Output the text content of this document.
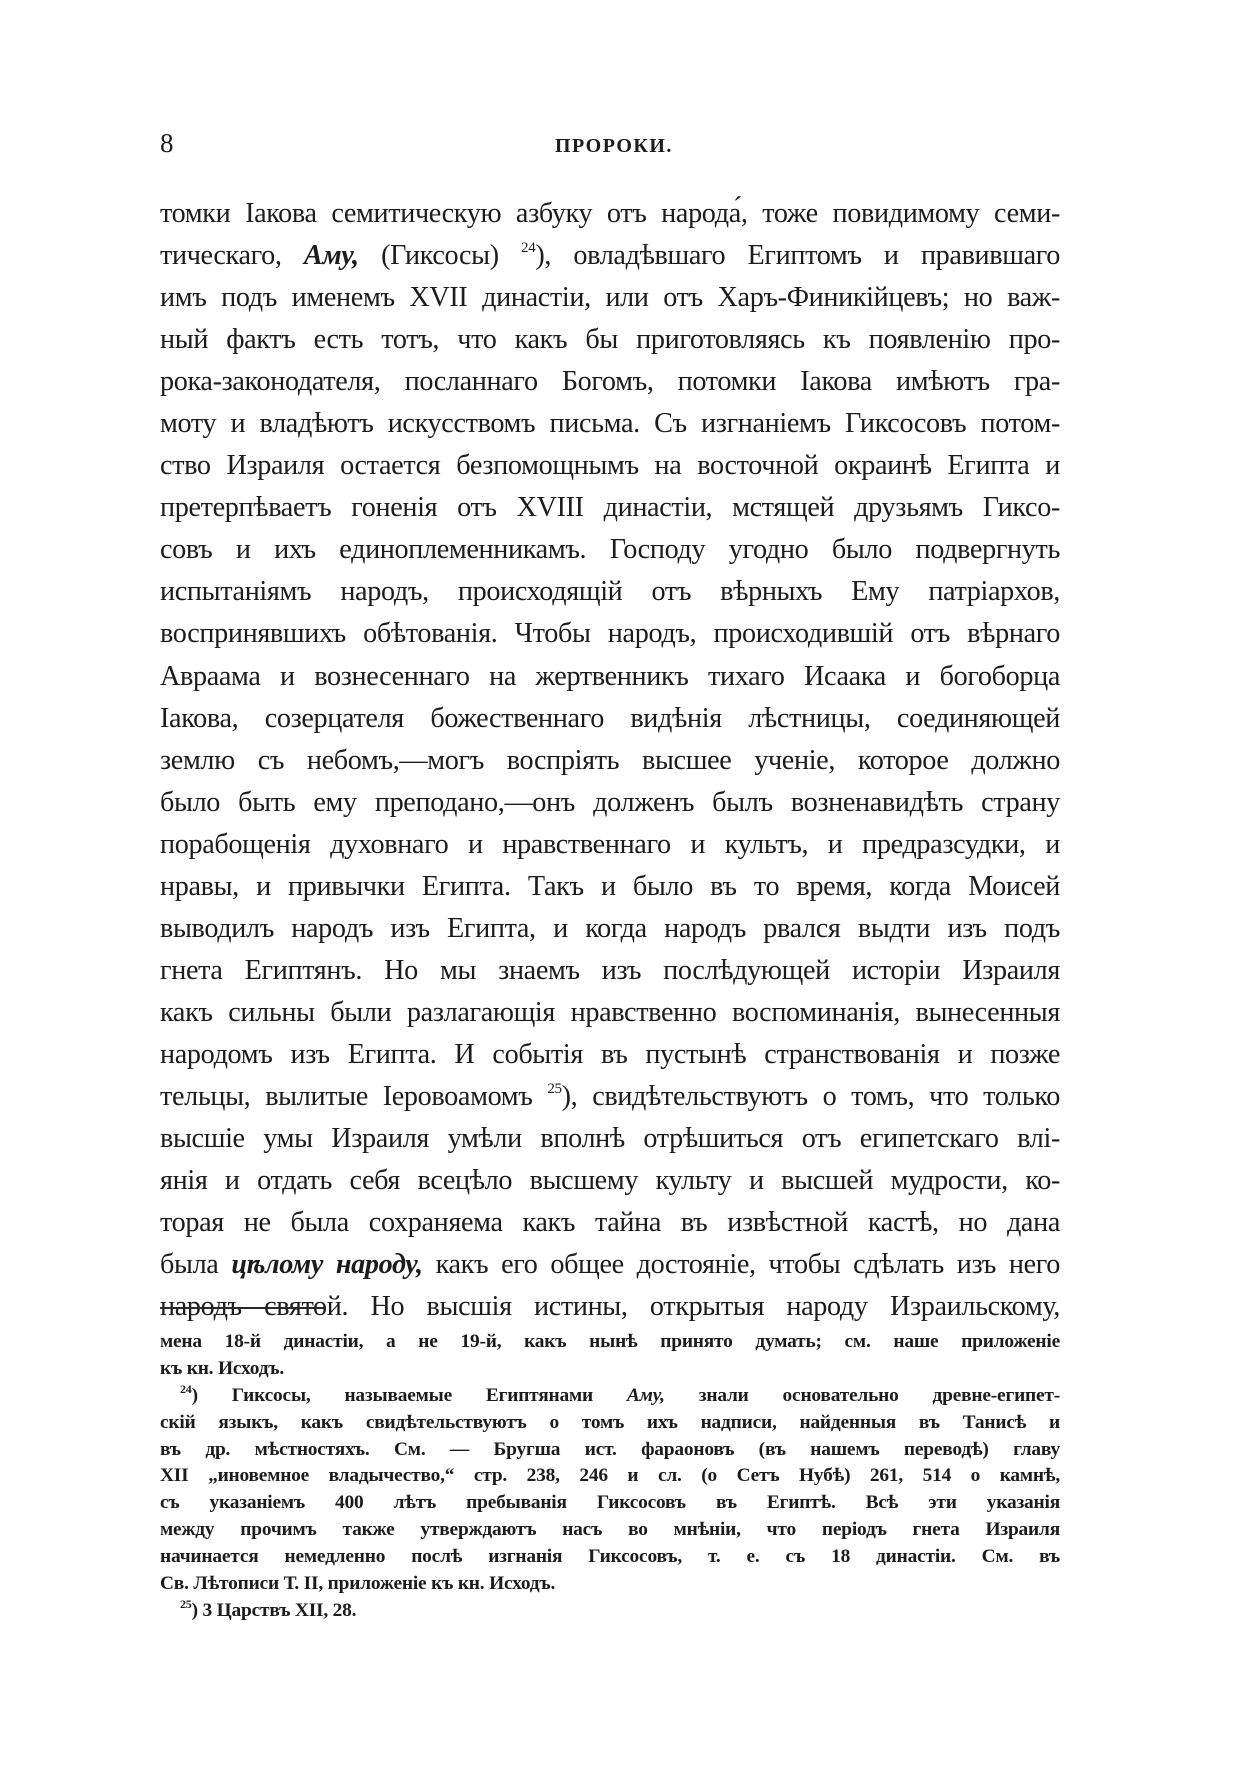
8	ПРОРОКИ.
томки Іакова семитическую азбуку отъ народа́, тоже повидимому семи-
тическаго, Аму, (Гиксосы) $^{24}$), овладѣвшаго Египтомъ и правившаго
имъ подъ именемъ XVII династіи, или отъ Харъ-Финикійцевъ; но важ-
ный фактъ есть тотъ, что какъ бы приготовляясь къ появленію про-
рока-законодателя, посланнаго Богомъ, потомки Іакова имѣютъ гра-
моту и владѣютъ искусствомъ письма. Съ изгнаніемъ Гиксосовъ потом-
ство Израиля остается безпомощнымъ на восточной окраинѣ Египта и
претерпѣваетъ гоненія отъ XVIII династіи, мстящей друзьямъ Гиксо-
совъ и ихъ единоплеменникамъ. Господу угодно было подвергнуть
испытаніямъ народъ, происходящій отъ вѣрныхъ Ему патріархов,
воспринявшихъ обѣтованія. Чтобы народъ, происходившій отъ вѣрнаго
Авраама и вознесеннаго на жертвенникъ тихаго Исаака и богоборца
Іакова, созерцателя божественнаго видѣнія лѣстницы, соединяющей
землю съ небомъ,—могъ воспріять высшее ученіе, которое должно
было быть ему преподано,—онъ долженъ былъ возненавидѣть страну
порабощенія духовнаго и нравственнаго и культъ, и предразсудки, и
нравы, и привычки Египта. Такъ и было въ то время, когда Моисей
выводилъ народъ изъ Египта, и когда народъ рвался выдти изъ подъ
гнета Египтянъ. Но мы знаемъ изъ послѣдующей исторіи Израиля
какъ сильны были разлагающія нравственно воспоминанія, вынесенныя
народомъ изъ Египта. И событія въ пустынѣ странствованія и позже
тельцы, вылитые Іеровоамомъ $^{25}$), свидѣтельствуютъ о томъ, что только
высшіе умы Израиля умѣли вполнѣ отрѣшиться отъ египетскаго влі-
янія и отдать себя всецѣло высшему культу и высшей мудрости, ко-
торая не была сохраняема какъ тайна въ извѣстной кастѣ, но дана
была цѣлому народу, какъ его общее достояніе, чтобы сдѣлать изъ него
народъ святой. Но высшія истины, открытыя народу Израильскому,
мена 18-й династіи, а не 19-й, какъ нынѣ принято думать; см. наше приложеніе
къ кн. Исходъ.
$^{24}$) Гиксосы, называемые Египтянами Аму, знали основательно древне-египет-
скій языкъ, какъ свидѣтельствуютъ о томъ ихъ надписи, найденныя въ Танисѣ и
въ др. мѣстностяхъ. См. — Бругша ист. фараоновъ (въ нашемъ переводѣ) главу
XII „иновемное владычество,“ стр. 238, 246 и сл. (о Сетъ Нубѣ) 261, 514 о камнѣ,
съ указаніемъ 400 лѣтъ пребыванія Гиксосовъ въ Египтѣ. Всѣ эти указанія
между прочимъ также утверждаютъ насъ во мнѣніи, что періодъ гнета Израиля
начинается немедленно послѣ изгнанія Гиксосовъ, т. е. съ 18 династіи. См. въ
Св. Лѣтописи Т. II, приложеніе къ кн. Исходъ.
$^{25}$) 3 Царствъ XII, 28.
